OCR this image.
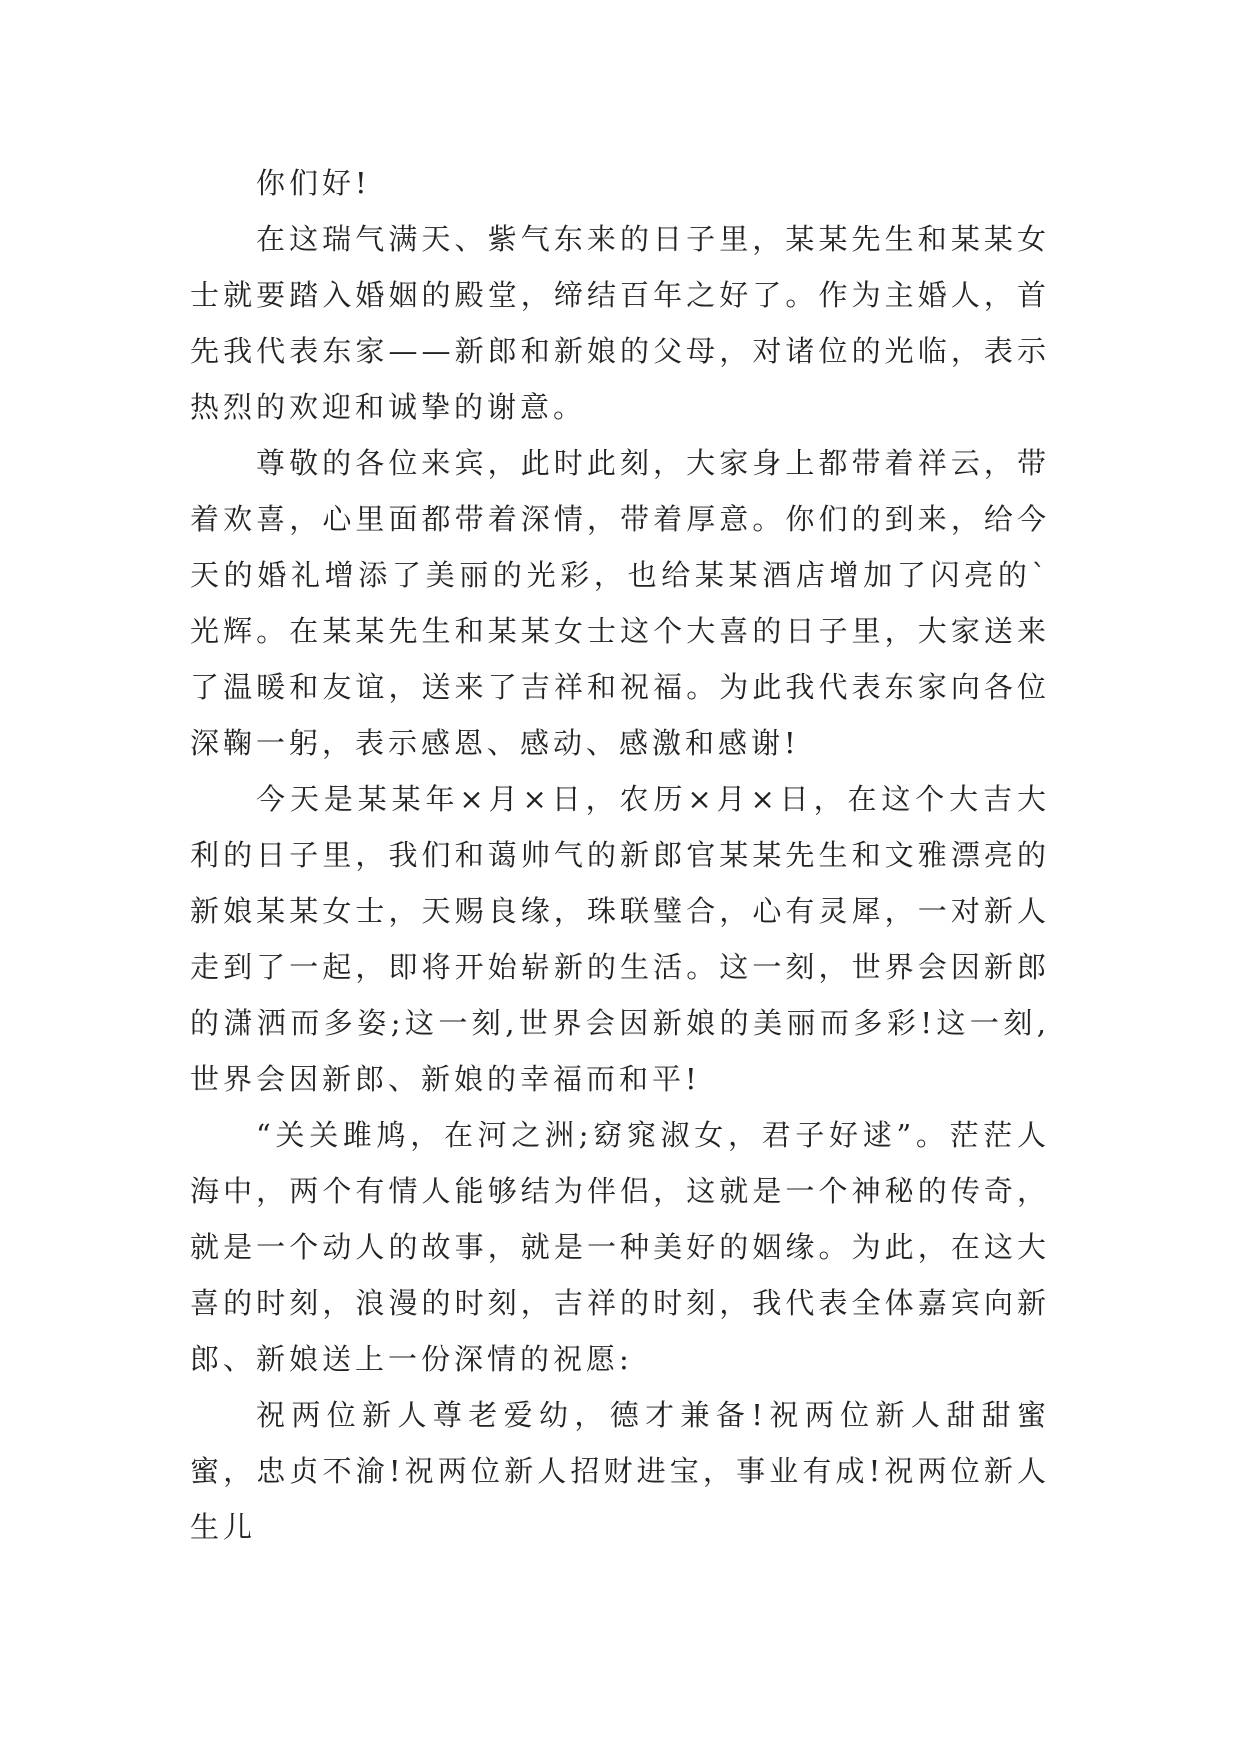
你们好!

在这瑞气满天、紫气东来的日子里，某某先生和某某女士就要踏入婚姻的殿堂，缔结百年之好了。作为主婚人，首先我代表东家——新郎和新娘的父母，对诸位的光临，表示热烈的欢迎和诚挚的谢意。

尊敬的各位来宾，此时此刻，大家身上都带着祥云，带着欢喜，心里面都带着深情，带着厚意。你们的到来，给今天的婚礼增添了美丽的光彩，也给某某酒店增加了闪亮的`光辉。在某某先生和某某女士这个大喜的日子里，大家送来了温暖和友谊，送来了吉祥和祝福。为此我代表东家向各位深鞠一躬，表示感恩、感动、感激和感谢!

今天是某某年×月×日，农历×月×日，在这个大吉大利的日子里，我们和蔼帅气的新郎官某某先生和文雅漂亮的新娘某某女士，天赐良缘，珠联璧合，心有灵犀，一对新人走到了一起，即将开始崭新的生活。这一刻，世界会因新郎的潇洒而多姿;这一刻,世界会因新娘的美丽而多彩!这一刻,世界会因新郎、新娘的幸福而和平!

“关关雎鸠，在河之洲;窈窕淑女，君子好逑”。茫茫人海中，两个有情人能够结为伴侣，这就是一个神秘的传奇，就是一个动人的故事，就是一种美好的姻缘。为此，在这大喜的时刻，浪漫的时刻，吉祥的时刻，我代表全体嘉宾向新郎、新娘送上一份深情的祝愿:

祝两位新人尊老爱幼，德才兼备!祝两位新人甜甜蜜蜜，忠贞不渝!祝两位新人招财进宝，事业有成!祝两位新人生儿
